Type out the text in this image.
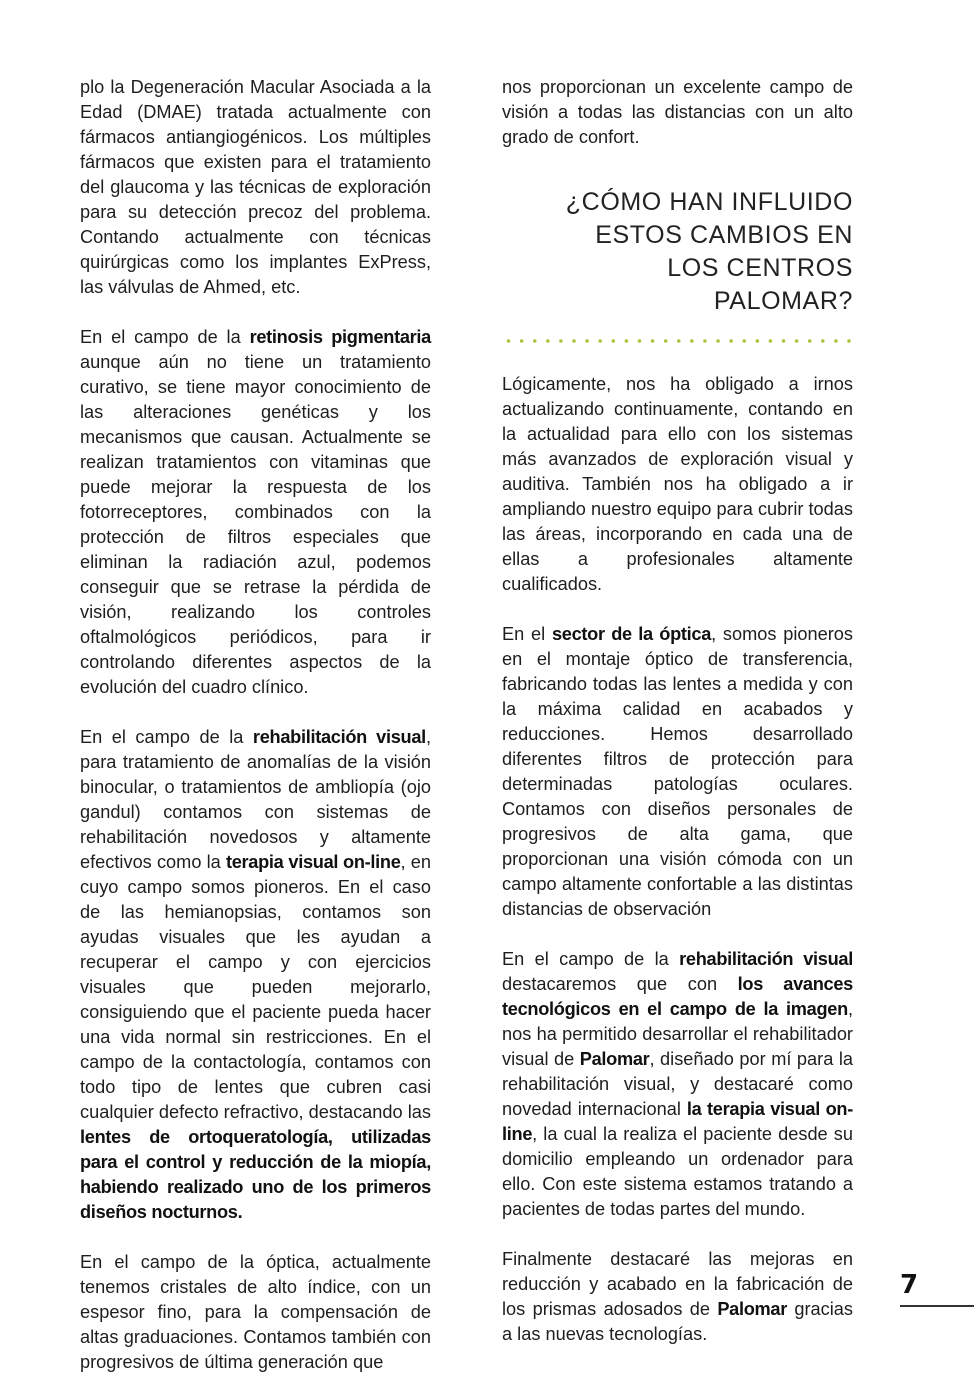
plo la Degeneración Macular Asociada a la Edad (DMAE) tratada actualmente con fármacos antiangiogénicos. Los múltiples fármacos que existen para el tratamiento del glaucoma y las técnicas de exploración para su detección precoz del problema. Contando actualmente con técnicas quirúrgicas como los implantes ExPress, las válvulas de Ahmed, etc.

En el campo de la retinosis pigmentaria aunque aún no tiene un tratamiento curativo, se tiene mayor conocimiento de las alteraciones genéticas y los mecanismos que causan. Actualmente se realizan tratamientos con vitaminas que puede mejorar la respuesta de los fotorreceptores, combinados con la protección de filtros especiales que eliminan la radiación azul, podemos conseguir que se retrase la pérdida de visión, realizando los controles oftalmológicos periódicos, para ir controlando diferentes aspectos de la evolución del cuadro clínico.

En el campo de la rehabilitación visual, para tratamiento de anomalías de la visión binocular, o tratamientos de ambliopía (ojo gandul) contamos con sistemas de rehabilitación novedosos y altamente efectivos como la terapia visual on-line, en cuyo campo somos pioneros. En el caso de las hemianopsias, contamos son ayudas visuales que les ayudan a recuperar el campo y con ejercicios visuales que pueden mejorarlo, consiguiendo que el paciente pueda hacer una vida normal sin restricciones. En el campo de la contactología, contamos con todo tipo de lentes que cubren casi cualquier defecto refractivo, destacando las lentes de ortoqueratología, utilizadas para el control y reducción de la miopía, habiendo realizado uno de los primeros diseños nocturnos.

En el campo de la óptica, actualmente tenemos cristales de alto índice, con un espesor fino, para la compensación de altas graduaciones. Contamos también con progresivos de última generación que

nos proporcionan un excelente campo de visión a todas las distancias con un alto grado de confort.

¿CÓMO HAN INFLUIDO
ESTOS CAMBIOS EN
LOS CENTROS
PALOMAR?

Lógicamente, nos ha obligado a irnos actualizando continuamente, contando en la actualidad para ello con los sistemas más avanzados de exploración visual y auditiva. También nos ha obligado a ir ampliando nuestro equipo para cubrir todas las áreas, incorporando en cada una de ellas a profesionales altamente cualificados.

En el sector de la óptica, somos pioneros en el montaje óptico de transferencia, fabricando todas las lentes a medida y con la máxima calidad en acabados y reducciones. Hemos desarrollado diferentes filtros de protección para determinadas patologías oculares. Contamos con diseños personales de progresivos de alta gama, que proporcionan una visión cómoda con un campo altamente confortable a las distintas distancias de observación

En el campo de la rehabilitación visual destacaremos que con los avances tecnológicos en el campo de la imagen, nos ha permitido desarrollar el rehabilitador visual de Palomar, diseñado por mí para la rehabilitación visual, y destacaré como novedad internacional la terapia visual on-line, la cual la realiza el paciente desde su domicilio empleando un ordenador para ello. Con este sistema estamos tratando a pacientes de todas partes del mundo.

Finalmente destacaré las mejoras en reducción y acabado en la fabricación de los prismas adosados de Palomar gracias a las nuevas tecnologías.

7
